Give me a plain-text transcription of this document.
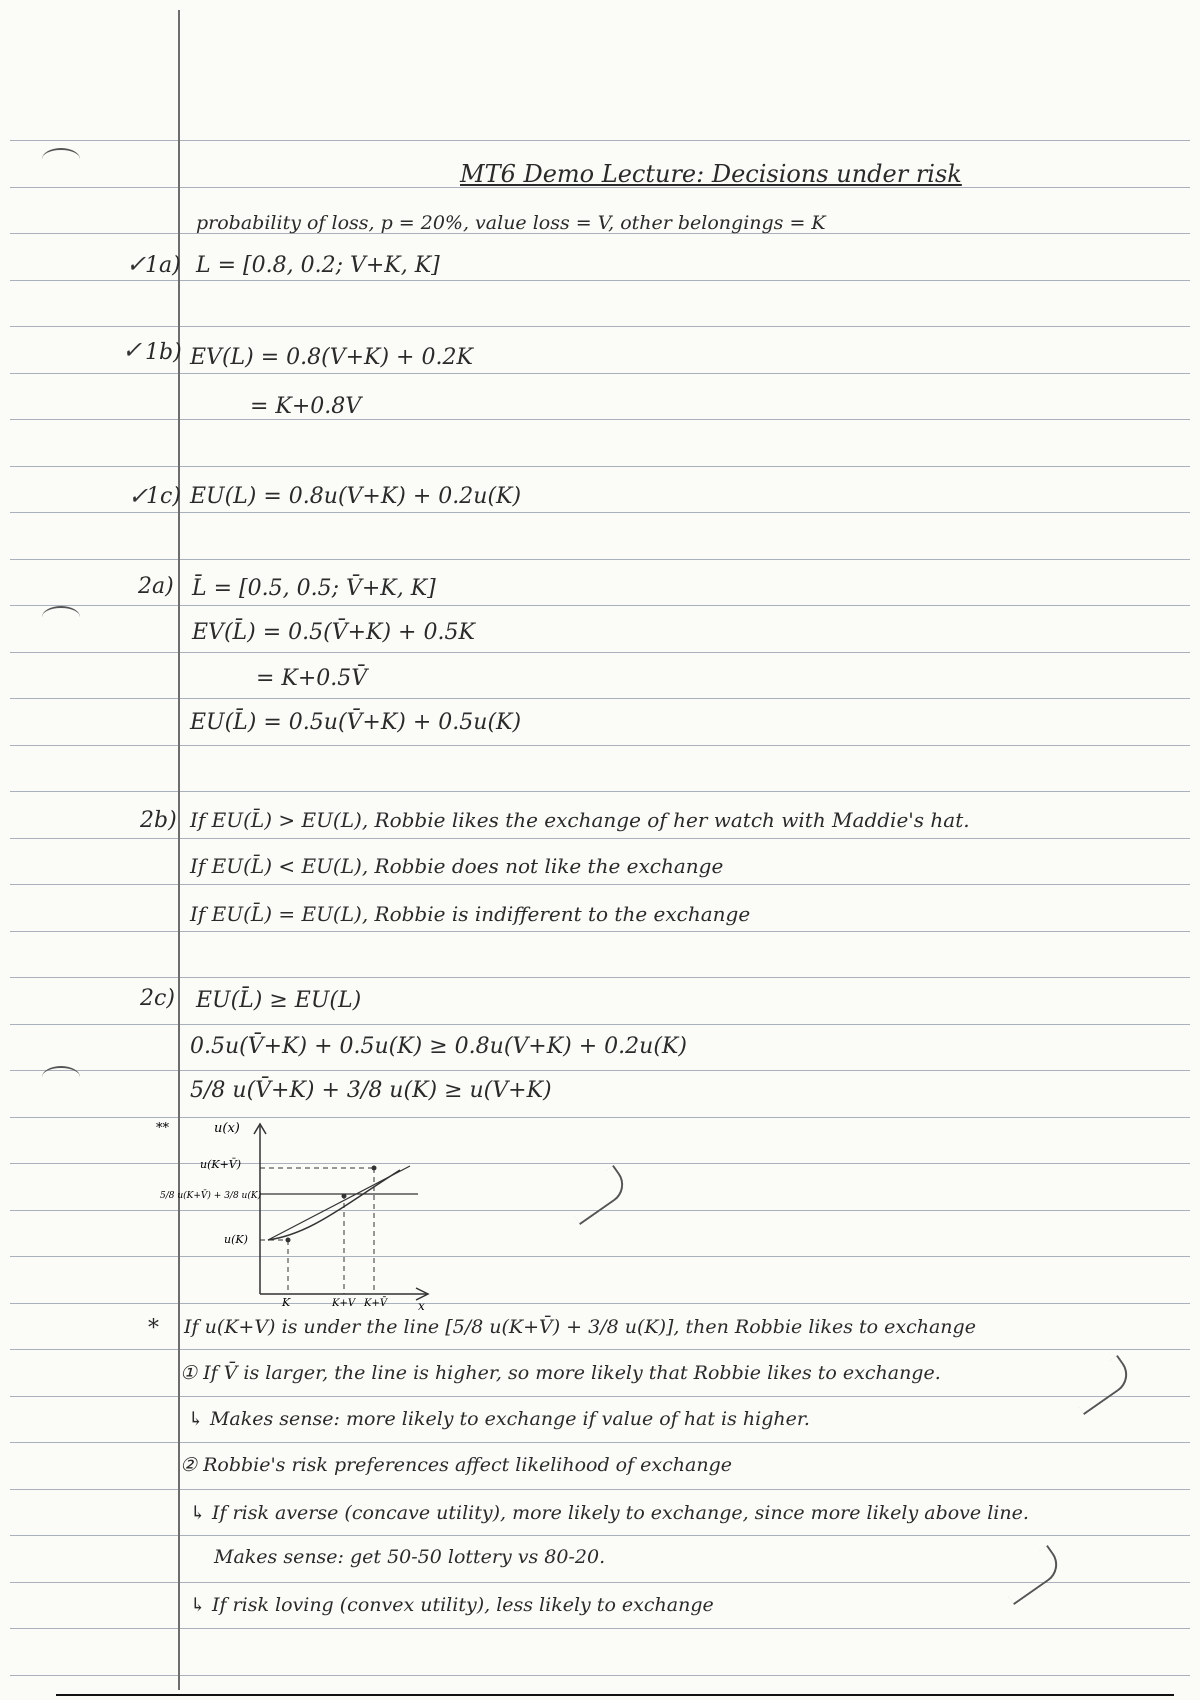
MT6 Demo Lecture: Decisions under risk
probability of loss, p = 20%, value loss = V, other belongings = K
✓
1a) L = [0.8, 0.2; V+K, K]
✓ 1b) EV(L) = 0.8(V+K) + 0.2K
= K+0.8V
✓
1c) EU(L) = 0.8u(V+K) + 0.2u(K)
2a) L̄ = [0.5, 0.5; V̄+K, K]
EV(L̄) = 0.5(V̄+K) + 0.5K
= K+0.5V̄
EU(L̄) = 0.5u(V̄+K) + 0.5u(K)
2b) If EU(L̄) > EU(L), Robbie likes the exchange of her watch with Maddie's hat.
If EU(L̄) < EU(L), Robbie does not like the exchange
If EU(L̄) = EU(L), Robbie is indifferent to the exchange
2c) EU(L̄) ≥ EU(L)
0.5u(V̄+K) + 0.5u(K) ≥ 0.8u(V+K) + 0.2u(K)
5/8 u(V̄+K) + 3/8 u(K) ≥ u(V+K)
**	u(x)
u(K+V̄)
5/8 u(K+V̄) + 3/8 u(K)
u(K)
K	K+V K+V̄	x
* If u(K+V) is under the line [5/8 u(K+V̄) + 3/8 u(K)], then Robbie likes to exchange
① If V̄ is larger, the line is higher, so more likely that Robbie likes to exchange.
↳ Makes sense: more likely to exchange if value of hat is higher.
② Robbie's risk preferences affect likelihood of exchange
↳ If risk averse (concave utility), more likely to exchange, since more likely above line.
Makes sense: get 50-50 lottery vs 80-20.
↳ If risk loving (convex utility), less likely to exchange
